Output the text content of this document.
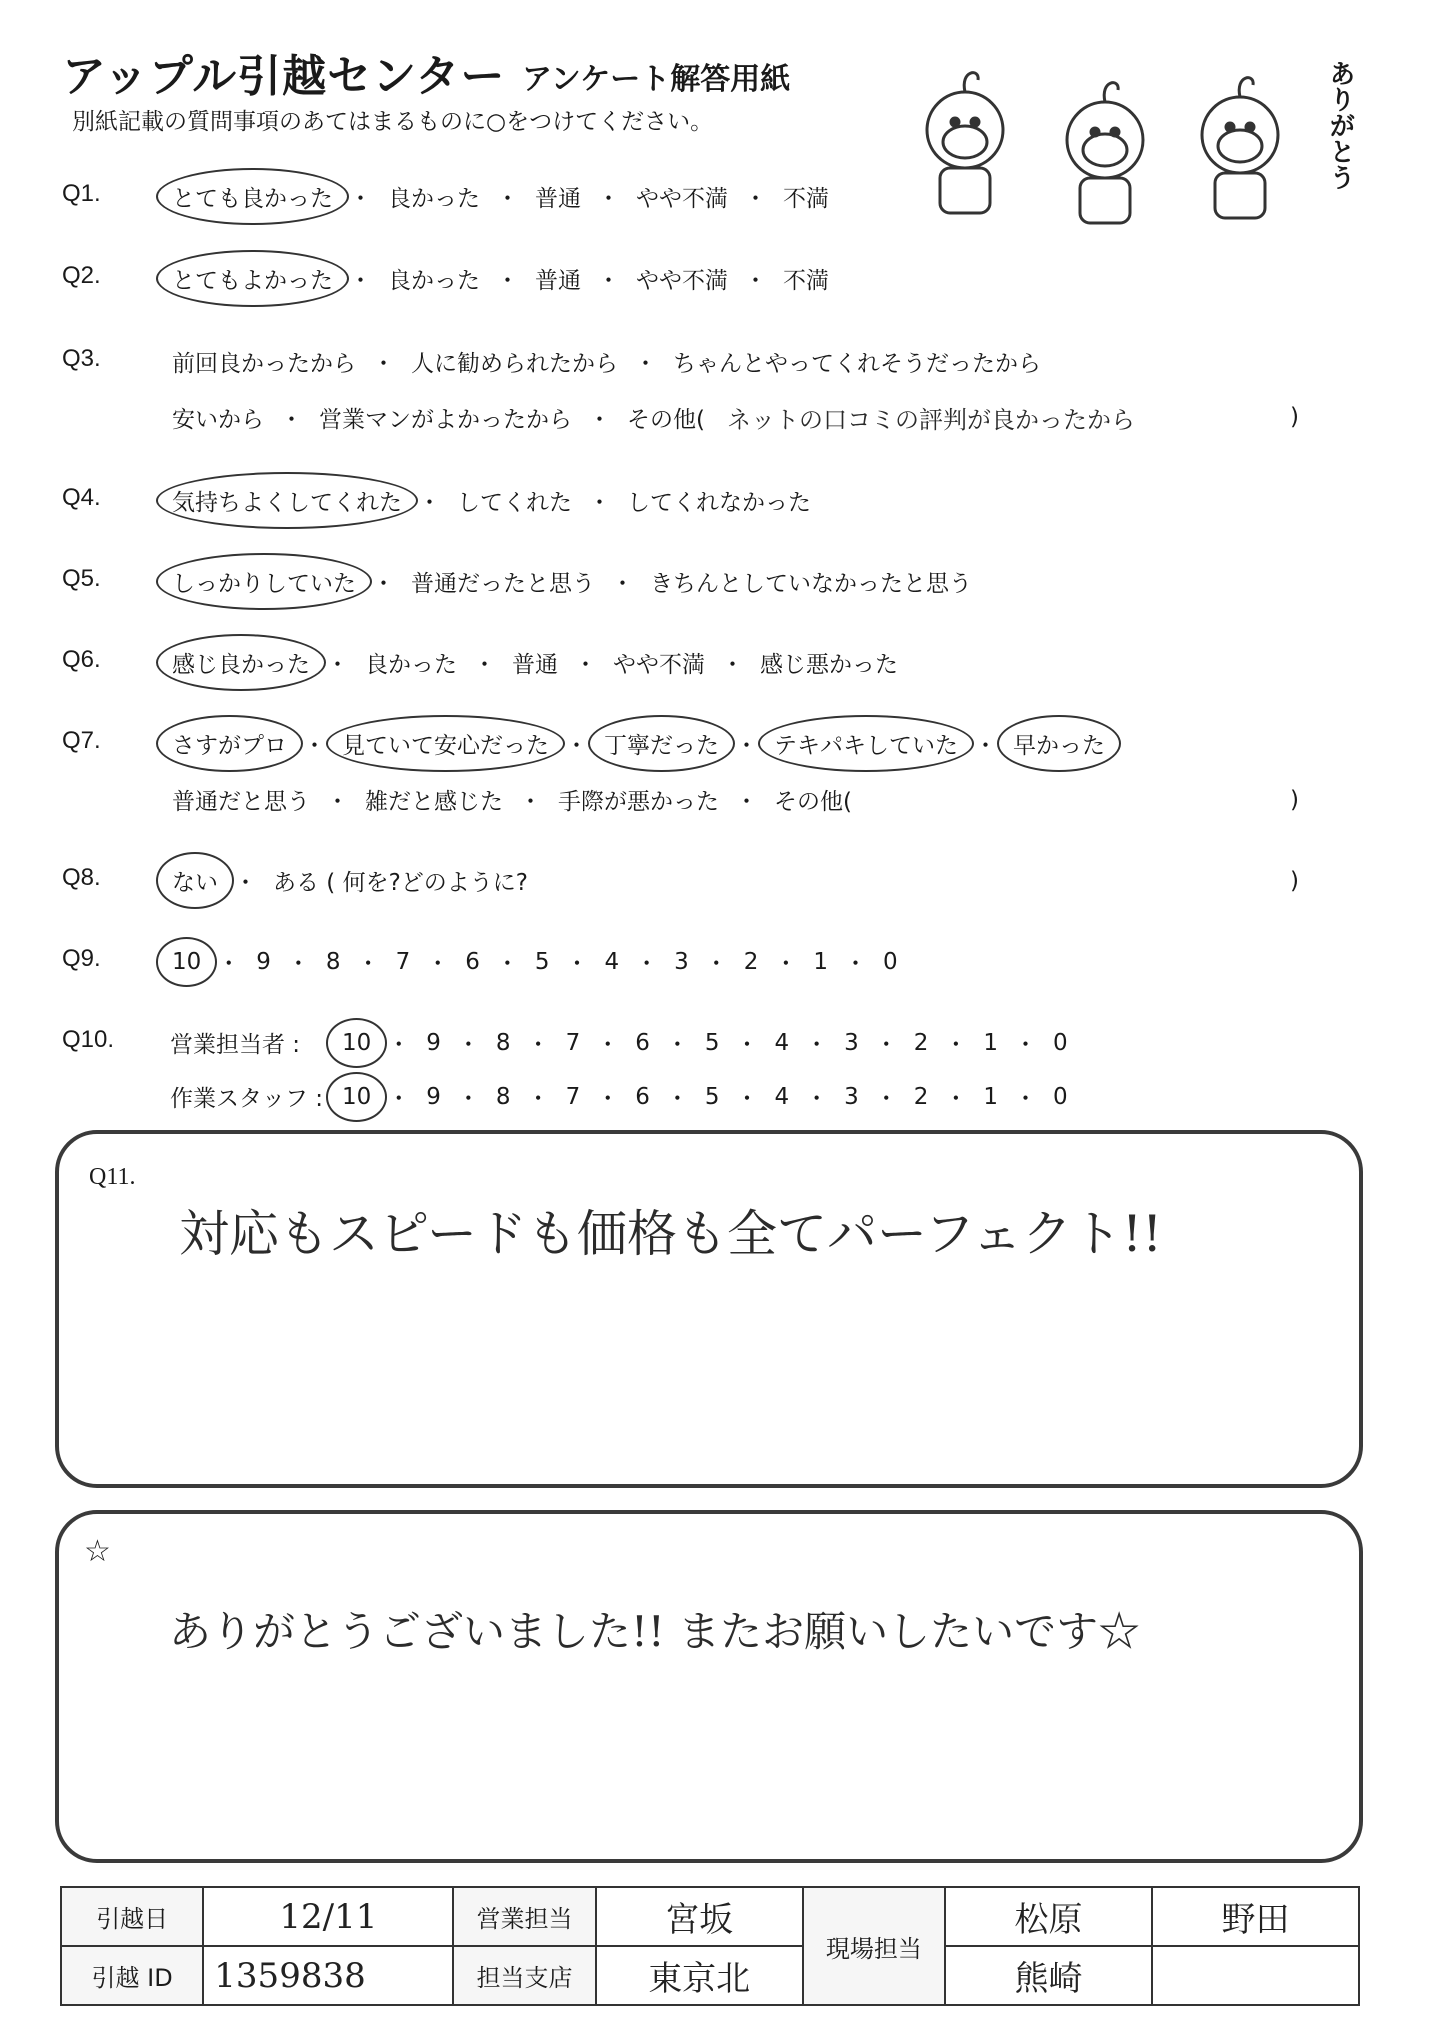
アップル引越センター アンケート解答用紙
別紙記載の質問事項のあてはまるものに○をつけてください。	ありがとう
Q1.	とても良かった ・ 良かった ・ 普通 ・ やや不満 ・ 不満
Q2.	とてもよかった ・ 良かった ・ 普通 ・ やや不満 ・ 不満
Q3.	前回良かったから ・ 人に勧められたから ・ ちゃんとやってくれそうだったから
安いから ・ 営業マンがよかったから ・ その他( ネットの口コミの評判が良かったから	)
Q4.	気持ちよくしてくれた ・ してくれた ・ してくれなかった
Q5.	しっかりしていた ・ 普通だったと思う ・ きちんとしていなかったと思う
Q6.	感じ良かった ・ 良かった ・ 普通 ・ やや不満 ・ 感じ悪かった
Q7.	さすがプロ ・ 見ていて安心だった ・ 丁寧だった ・ テキパキしていた ・ 早かった
普通だと思う ・ 雑だと感じた ・ 手際が悪かった ・ その他(	)
Q8.	ない ・ ある ( 何を?どのように?	)
Q9.	10 ・ 9 ・ 8 ・ 7 ・ 6 ・ 5 ・ 4 ・ 3 ・ 2 ・ 1 ・ 0
Q10. 営業担当者 :	10 ・ 9 ・ 8 ・ 7 ・ 6 ・ 5 ・ 4 ・ 3 ・ 2 ・ 1 ・ 0
作業スタッフ : 10 ・ 9 ・ 8 ・ 7 ・ 6 ・ 5 ・ 4 ・ 3 ・ 2 ・ 1 ・ 0
Q11.
対応もスピードも価格も全てパーフェクト!!
☆
ありがとうございました!! またお願いしたいです☆
引越日	12/11	営業担当	宮坂	現場担当	松原	野田
引越 ID	1359838	担当支店	東京北		熊崎	
